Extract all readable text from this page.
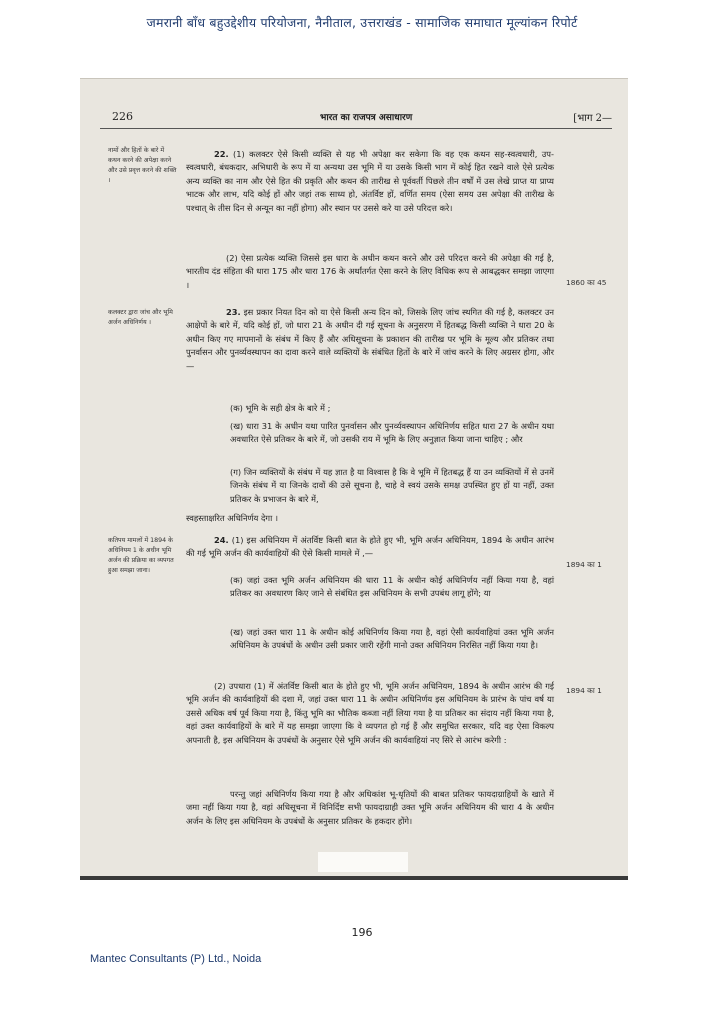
जमरानी बाँध बहुउद्देशीय परियोजना, नैनीताल, उत्तराखंड - सामाजिक समाघात मूल्यांकन रिपोर्ट
226	भारत का राजपत्र असाधारण	[भाग 2—
नामों और हितों के बारे में कथन करने की अपेक्षा करने और उसे प्रवृत्त करने की शक्ति ।
कलक्टर द्वारा जांच और भूमि अर्जन अधिनिर्णय ।
कतिपय मामलों में 1894 के अधिनियम 1 के अधीन भूमि अर्जन की प्रक्रिया का व्यपगत हुआ समझा जाना।
1860 का 45
1894 का 1
1894 का 1
22. (1) कलक्टर ऐसे किसी व्यक्ति से यह भी अपेक्षा कर सकेगा कि वह एक कथन सह-स्वत्वधारी, उप-स्वत्वधारी, बंधकदार, अभिधारी के रूप में या अन्यथा उस भूमि में या उसके किसी भाग में कोई हित रखने वाले ऐसे प्रत्येक अन्य व्यक्ति का नाम और ऐसे हित की प्रकृति और कथन की तारीख से पूर्ववर्ती पिछले तीन वर्षों में उस लेखे प्राप्त या प्राप्य भाटक और लाभ, यदि कोई हों और जहां तक साध्य हो, अंतर्विष्ट हों, वर्णित समय (ऐसा समय उस अपेक्षा की तारीख के पश्चात् के तीस दिन से अन्यून का नहीं होगा) और स्थान पर उससे करे या उसे परिदत्त करे।
(2) ऐसा प्रत्येक व्यक्ति जिससे इस धारा के अधीन कथन करने और उसे परिदत्त करने की अपेक्षा की गई है, भारतीय दंड संहिता की धारा 175 और धारा 176 के अर्थांतर्गत ऐसा करने के लिए विधिक रूप से आबद्धकर समझा जाएगा ।
23. इस प्रकार नियत दिन को या ऐसे किसी अन्य दिन को, जिसके लिए जांच स्थगित की गई है, कलक्टर उन आक्षेपों के बारे में, यदि कोई हों, जो धारा 21 के अधीन दी गई सूचना के अनुसरण में हितबद्ध किसी व्यक्ति ने धारा 20 के अधीन किए गए मापमानों के संबंध में किए हैं और अधिसूचना के प्रकाशन की तारीख पर भूमि के मूल्य और प्रतिकर तथा पुनर्वासन और पुनर्व्यवस्थापन का दावा करने वाले व्यक्तियों के संबंधित हितों के बारे में जांच करने के लिए अग्रसर होगा, और—
(क) भूमि के सही क्षेत्र के बारे में ;
(ख) धारा 31 के अधीन यथा पारित पुनर्वासन और पुनर्व्यवस्थापन अधिनिर्णय सहित धारा 27 के अधीन यथा अवधारित ऐसे प्रतिकर के बारे में, जो उसकी राय में भूमि के लिए अनुज्ञात किया जाना चाहिए ; और
(ग) जिन व्यक्तियों के संबंध में यह ज्ञात है या विश्वास है कि वे भूमि में हितबद्ध हैं या उन व्यक्तियों में से उनमें जिनके संबंध में या जिनके दावों की उसे सूचना है, चाहे वे स्वयं उसके समक्ष उपस्थित हुए हों या नहीं, उक्त प्रतिकर के प्रभाजन के बारे में,
स्वहस्ताक्षरित अधिनिर्णय देगा ।
24. (1) इस अधिनियम में अंतर्विष्ट किसी बात के होते हुए भी, भूमि अर्जन अधिनियम, 1894 के अधीन आरंभ की गई भूमि अर्जन की कार्यवाहियों की ऐसे किसी मामले में ,—
(क) जहां उक्त भूमि अर्जन अधिनियम की धारा 11 के अधीन कोई अधिनिर्णय नहीं किया गया है, वहां प्रतिकर का अवधारण किए जाने से संबंधित इस अधिनियम के सभी उपबंध लागू होंगे; या
(ख) जहां उक्त धारा 11 के अधीन कोई अधिनिर्णय किया गया है, वहां ऐसी कार्यवाहियां उक्त भूमि अर्जन अधिनियम के उपबंधों के अधीन उसी प्रकार जारी रहेंगी मानो उक्त अधिनियम निरसित नहीं किया गया है।
(2) उपधारा (1) में अंतर्विष्ट किसी बात के होते हुए भी, भूमि अर्जन अधिनियम, 1894 के अधीन आरंभ की गई भूमि अर्जन की कार्यवाहियों की दशा में, जहां उक्त धारा 11 के अधीन अधिनिर्णय इस अधिनियम के प्रारंभ के पांच वर्ष या उससे अधिक वर्ष पूर्व किया गया है, किंतु भूमि का भौतिक कब्जा नहीं लिया गया है या प्रतिकर का संदाय नहीं किया गया है, वहां उक्त कार्यवाहियों के बारे में यह समझा जाएगा कि वे व्यपगत हो गई हैं और समुचित सरकार, यदि वह ऐसा विकल्प अपनाती है, इस अधिनियम के उपबंधों के अनुसार ऐसे भूमि अर्जन की कार्यवाहियां नए सिरे से आरंभ करेगी :
परन्तु जहां अधिनिर्णय किया गया है और अधिकांश भू-धृतियों की बाबत प्रतिकर फायदाग्राहियों के खाते में जमा नहीं किया गया है, वहां अधिसूचना में विनिर्दिष्ट सभी फायदाग्राही उक्त भूमि अर्जन अधिनियम की धारा 4 के अधीन अर्जन के लिए इस अधिनियम के उपबंधों के अनुसार प्रतिकर के हकदार होंगे।
196
Mantec Consultants (P) Ltd., Noida
